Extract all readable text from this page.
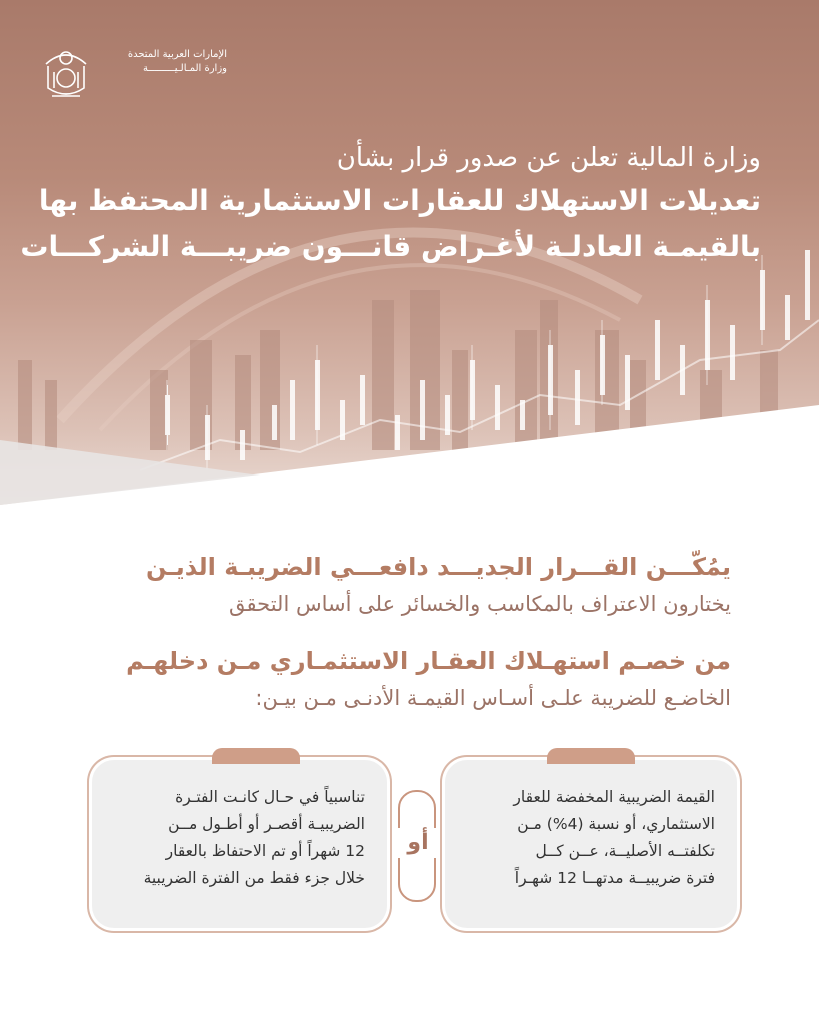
الإمارات العربية المتحدة
وزارة المـالـيـــــــــة
وزارة المالية تعلن عن صدور قرار بشأن
تعديلات الاستهلاك للعقارات الاستثمارية المحتفظ بها
بالقيمـة العادلـة لأغـراض قانـــون ضريبـــة الشركـــات
يمُكّـــن القـــرار الجديـــد دافعـــي الضريبـة الذيـن
يختارون الاعتراف بالمكاسب والخسائر على أساس التحقق
من خصـم استهـلاك العقـار الاستثمـاري مـن دخلهـم
الخاضـع للضريبة علـى أسـاس القيمـة الأدنـى مـن بيـن:
القيمة الضريبية المخفضة للعقار
الاستثماري، أو نسبة (4%) مـن
تكلفتــه الأصليــة، عــن كــل
فترة ضريبيــة مدتهــا 12 شهـراً
أو
تناسبياً في حـال كانـت الفتـرة
الضريبيـة أقصـر أو أطـول مــن
12 شهراً أو تم الاحتفاظ بالعقار
خلال جزء فقط من الفترة الضريبية
